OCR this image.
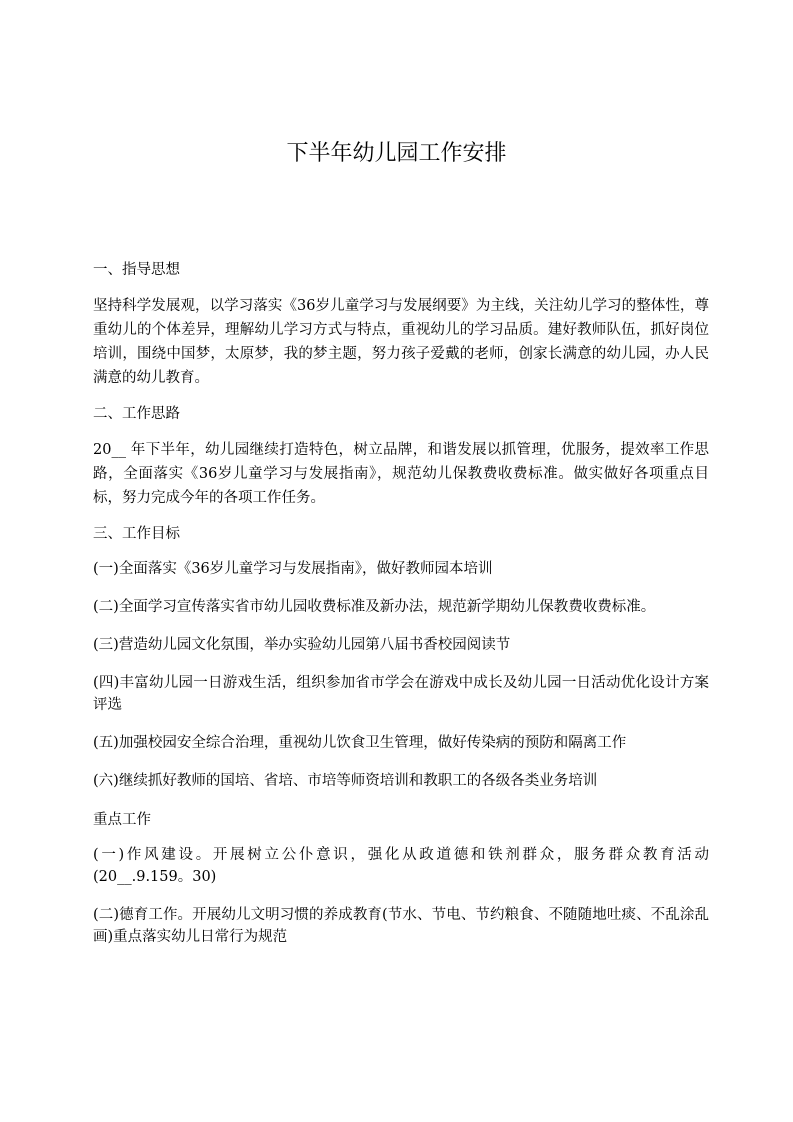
下半年幼儿园工作安排

一、指导思想

坚持科学发展观，以学习落实《36岁儿童学习与发展纲要》为主线，关注幼儿学习的整体性，尊重幼儿的个体差异，理解幼儿学习方式与特点，重视幼儿的学习品质。建好教师队伍，抓好岗位培训，围绕中国梦，太原梦，我的梦主题，努力孩子爱戴的老师，创家长满意的幼儿园，办人民满意的幼儿教育。

二、工作思路

20__ 年下半年，幼儿园继续打造特色，树立品牌，和谐发展以抓管理，优服务，提效率工作思路，全面落实《36岁儿童学习与发展指南》，规范幼儿保教费收费标准。做实做好各项重点目标，努力完成今年的各项工作任务。

三、工作目标

(一)全面落实《36岁儿童学习与发展指南》，做好教师园本培训

(二)全面学习宣传落实省市幼儿园收费标准及新办法，规范新学期幼儿保教费收费标准。

(三)营造幼儿园文化氛围，举办实验幼儿园第八届书香校园阅读节

(四)丰富幼儿园一日游戏生活，组织参加省市学会在游戏中成长及幼儿园一日活动优化设计方案评选

(五)加强校园安全综合治理，重视幼儿饮食卫生管理，做好传染病的预防和隔离工作

(六)继续抓好教师的国培、省培、市培等师资培训和教职工的各级各类业务培训

重点工作

(一)作风建设。开展树立公仆意识，强化从政道德和铁剂群众，服务群众教育活动(20__.9.159。30)

(二)德育工作。开展幼儿文明习惯的养成教育(节水、节电、节约粮食、不随随地吐痰、不乱涂乱画)重点落实幼儿日常行为规范
